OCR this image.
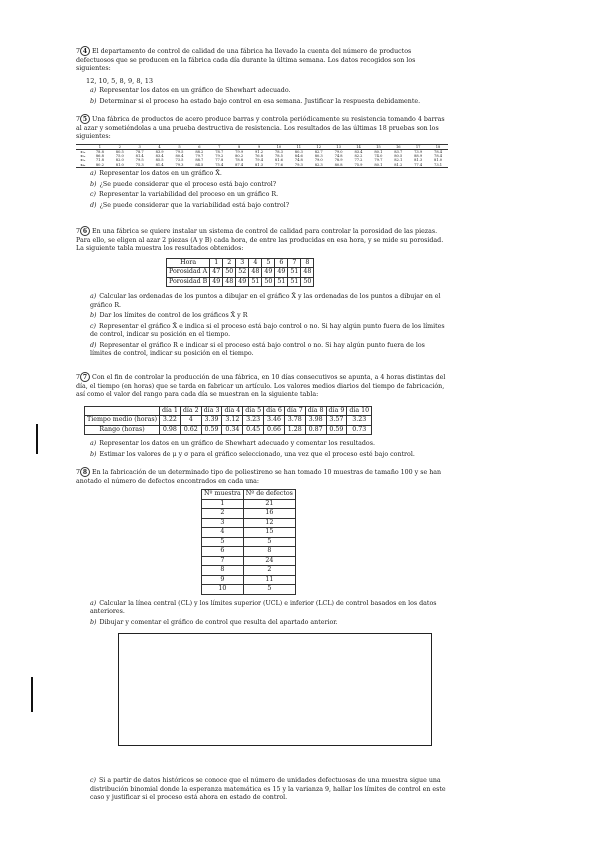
7 4 El departamento de control de calidad de una fábrica ha llevado la cuenta del número de productos defectuosos que se producen en la fábrica cada día durante la última semana. Los datos recogidos son los siguientes:
12, 10, 5, 8, 9, 8, 13
a) Representar los datos en un gráfico de Shewhart adecuado.
b) Determinar si el proceso ha estado bajo control en esa semana. Justificar la respuesta debidamente.
7 5 Una fábrica de productos de acero produce barras y controla periódicamente su resistencia tomando 4 barras al azar y sometiéndolas a una prueba destructiva de resistencia. Los resultados de las últimas 18 pruebas son los siguientes:
	1	2	3	4	5	6	7	8	9	10	11	12	13	14	15	16	17	18
x₁ₙ	78.8	80.5	78.7	83.9	79.5	88.2	78.7	79.9	91.2	78.3	80.3	82.7	79.0	83.4	80.1	83.7	73.9	78.4
x₂ₙ	86.8	75.0	81.4	83.4	80.4	79.7	79.2	80.2	76.8	78.5	84.6	80.3	74.8	82.2	74.0	80.5	88.9	78.4
x₃ₙ	71.8	82.0	79.5	85.5	73.5	88.7	77.8	78.8	79.4	81.6	74.8	79.0	78.9	77.2	79.7	82.1	81.3	81.0
x₄ₙ	80.2	81.0	75.3	81.4	79.3	84.5	75.4	87.4	81.3	77.6	79.3	82.3	80.8	75.9	80.1	81.2	77.4	73.1
a) Representar los datos en un gráfico X̄.
b) ¿Se puede considerar que el proceso está bajo control?
c) Representar la variabilidad del proceso en un gráfico R.
d) ¿Se puede considerar que la variabilidad está bajo control?
7 6 En una fábrica se quiere instalar un sistema de control de calidad para controlar la porosidad de las piezas. Para ello, se eligen al azar 2 piezas (A y B) cada hora, de entre las producidas en esa hora, y se mide su porosidad. La siguiente tabla muestra los resultados obtenidos:
Hora	1	2	3	4	5	6	7	8
Porosidad A	47	50	52	48	49	49	51	48
Porosidad B	49	48	49	51	50	51	51	50
a) Calcular las ordenadas de los puntos a dibujar en el gráfico X̄ y las ordenadas de los puntos a dibujar en el gráfico R.
b) Dar los límites de control de los gráficos X̄ y R
c) Representar el gráfico X̄ e indica si el proceso está bajo control o no. Si hay algún punto fuera de los límites de control, indicar su posición en el tiempo.
d) Representar el gráfico R e indicar si el proceso está bajo control o no. Si hay algún punto fuera de los límites de control, indicar su posición en el tiempo.
7 7 Con el fin de controlar la producción de una fábrica, en 10 días consecutivos se apunta, a 4 horas distintas del día, el tiempo (en horas) que se tarda en fabricar un artículo. Los valores medios diarios del tiempo de fabricación, así como el valor del rango para cada día se muestran en la siguiente tabla:
	día 1	día 2	día 3	día 4	día 5	día 6	día 7	día 8	día 9	día 10
Tiempo medio (horas)	3.22	4	3.39	3.12	3.23	3.46	3.78	3.98	3.57	3.23
Rango (horas)	0.98	0.62	0.59	0.34	0.45	0.66	1.28	0.87	0.59	0.73
a) Representar los datos en un gráfico de Shewhart adecuado y comentar los resultados.
b) Estimar los valores de μ y σ para el gráfico seleccionado, una vez que el proceso esté bajo control.
7 8 En la fabricación de un determinado tipo de poliestireno se han tomado 10 muestras de tamaño 100 y se han anotado el número de defectos encontrados en cada una:
Nº muestra	Nº de defectos
1	21
2	16
3	12
4	15
5	5
6	8
7	24
8	2
9	11
10	5
a) Calcular la línea central (CL) y los límites superior (UCL) e inferior (LCL) de control basados en los datos anteriores.
b) Dibujar y comentar el gráfico de control que resulta del apartado anterior.
c) Si a partir de datos históricos se conoce que el número de unidades defectuosas de una muestra sigue una distribución binomial donde la esperanza matemática es 15 y la varianza 9, hallar los límites de control en este caso y justificar si el proceso está ahora en estado de control.
